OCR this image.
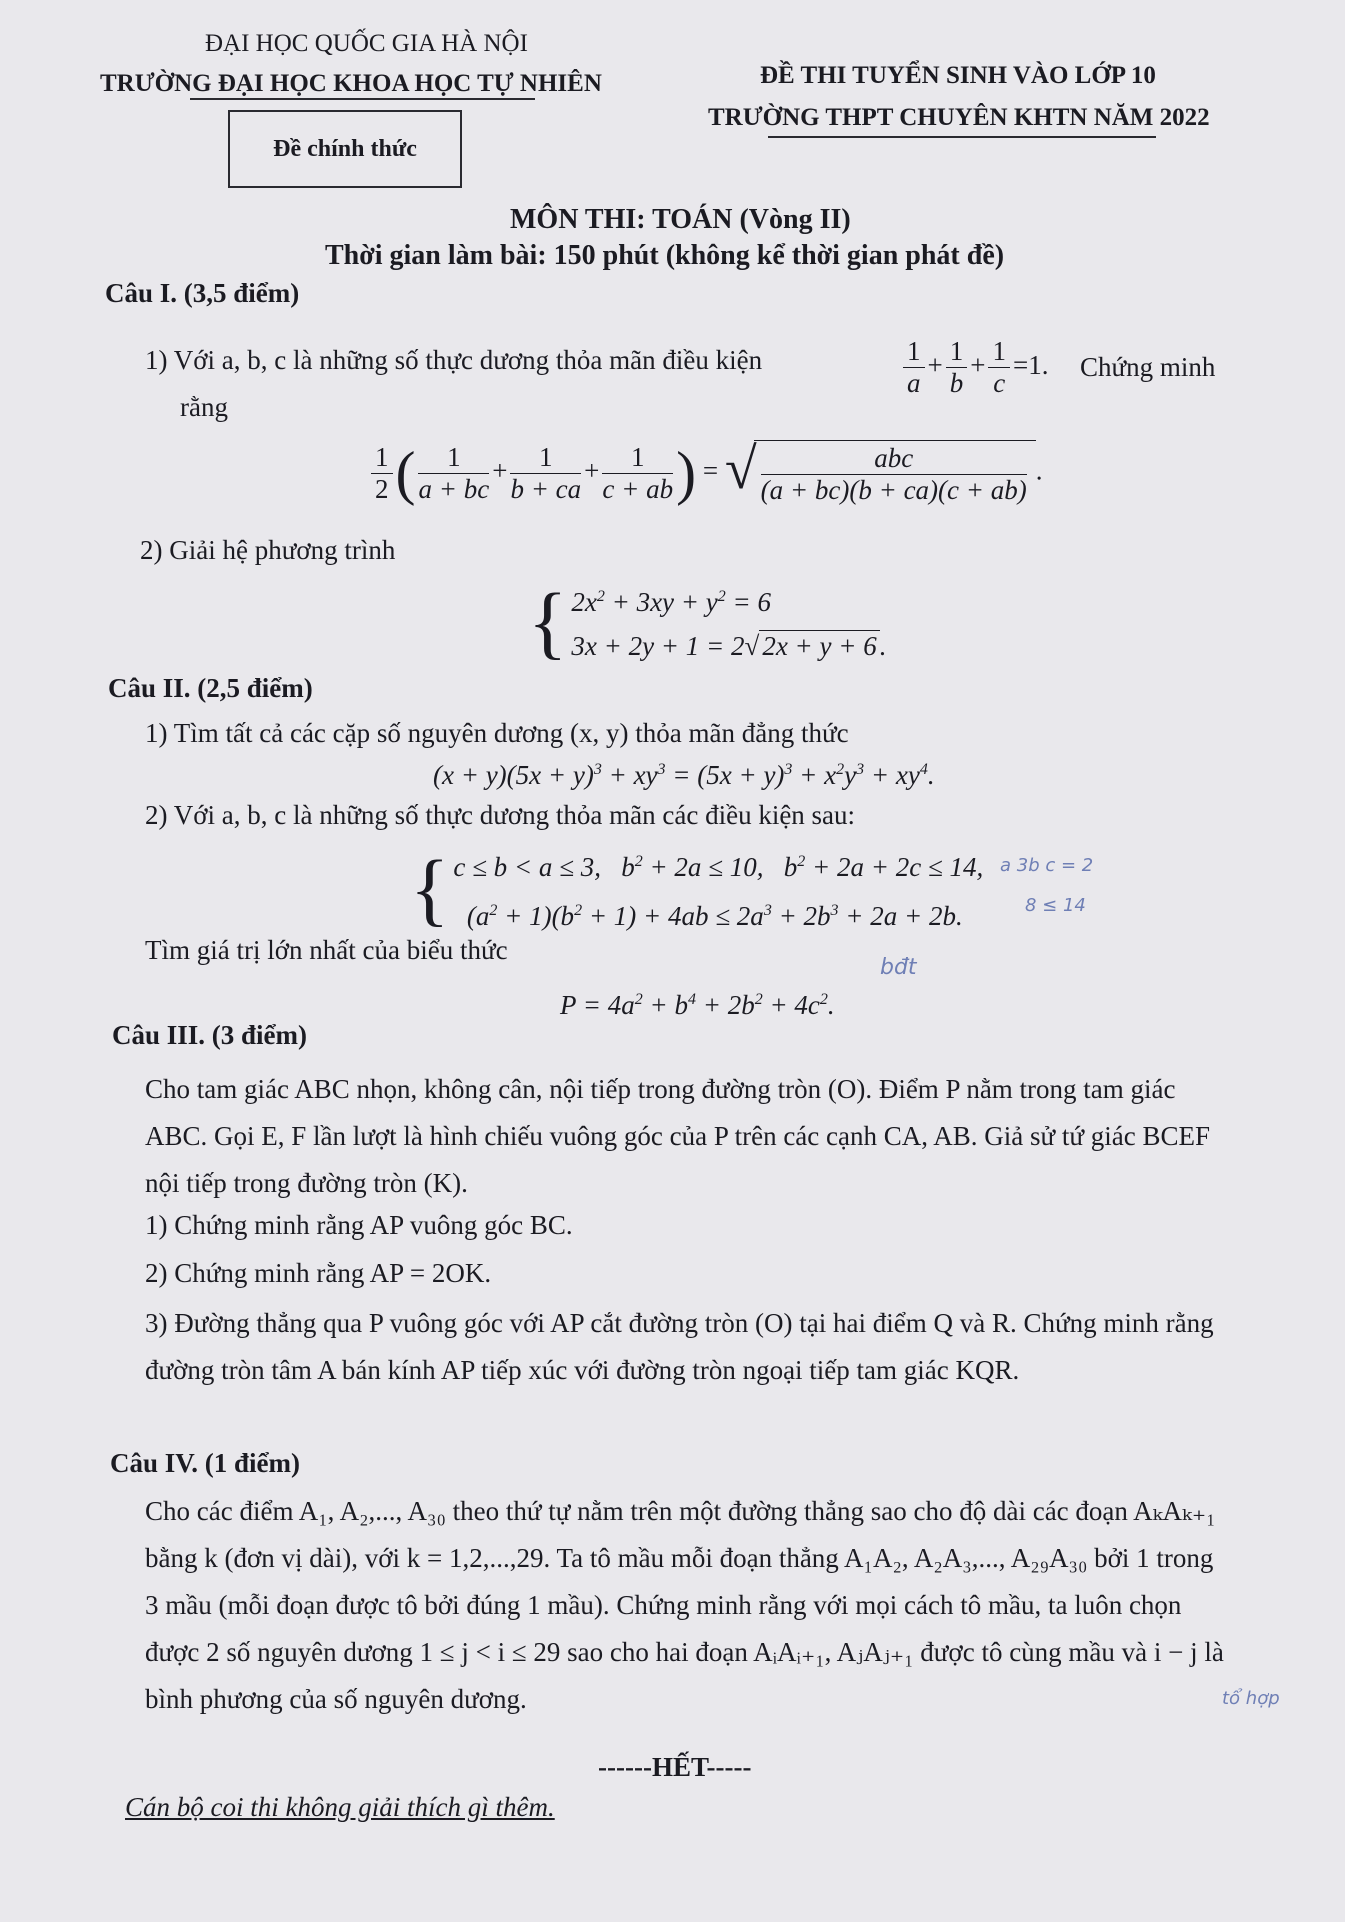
ĐẠI HỌC QUỐC GIA HÀ NỘI
TRƯỜNG ĐẠI HỌC KHOA HỌC TỰ NHIÊN
Đề chính thức
ĐỀ THI TUYỂN SINH VÀO LỚP 10
TRƯỜNG THPT CHUYÊN KHTN NĂM 2022
MÔN THI: TOÁN (Vòng II)
Thời gian làm bài: 150 phút (không kể thời gian phát đề)
Câu I. (3,5 điểm)
1) Với a, b, c là những số thực dương thỏa mãn điều kiện	$\frac{1}{a} + \frac{1}{b} + \frac{1}{c} =1$. Chứng minh
rằng
$\frac{1}{2}$ ( $\frac{1}{a + bc} + \frac{1}{b + ca} + \frac{1}{c + ab}$ ) = √ $\frac{\text{abc}}{(a + bc)(b + ca)(c + ab)}$ .
2) Giải hệ phương trình
{ $2x^2 + 3xy + y^2 = 6$
3x + 2y + 1 = 2√ 2x + y + 6 .
Câu II. (2,5 điểm)
1) Tìm tất cả các cặp số nguyên dương (x, y) thỏa mãn đẳng thức
$(x + y)(5x + y)^3 + xy^3 = (5x + y)^3 + x^2y^3 + xy^4$.
2) Với a, b, c là những số thực dương thỏa mãn các điều kiện sau:
{ c ≤ b < a ≤ 3,   $b^2 + 2a \le 10$,   $b^2 + 2a + 2c \le 14$,
$(a^2 + 1)(b^2 + 1) + 4ab \le 2a^3 + 2b^3 + 2a + 2b$.
Tìm giá trị lớn nhất của biểu thức
$P = 4a^2 + b^4 + 2b^2 + 4c^2$.
Câu III. (3 điểm)
Cho tam giác ABC nhọn, không cân, nội tiếp trong đường tròn (O). Điểm P nằm trong tam giác ABC. Gọi E, F lần lượt là hình chiếu vuông góc của P trên các cạnh CA, AB. Giả sử tứ giác BCEF nội tiếp trong đường tròn (K).
1) Chứng minh rằng AP vuông góc BC.
2) Chứng minh rằng AP = 2OK.
3) Đường thẳng qua P vuông góc với AP cắt đường tròn (O) tại hai điểm Q và R. Chứng minh rằng đường tròn tâm A bán kính AP tiếp xúc với đường tròn ngoại tiếp tam giác KQR.
Câu IV. (1 điểm)
Cho các điểm A₁, A₂,..., A₃₀ theo thứ tự nằm trên một đường thẳng sao cho độ dài các đoạn AₖAₖ₊₁ bằng k (đơn vị dài), với k = 1,2,...,29. Ta tô mầu mỗi đoạn thẳng A₁A₂, A₂A₃,..., A₂₉A₃₀ bởi 1 trong 3 mầu (mỗi đoạn được tô bởi đúng 1 mầu). Chứng minh rằng với mọi cách tô mầu, ta luôn chọn được 2 số nguyên dương 1 ≤ j < i ≤ 29 sao cho hai đoạn AᵢAᵢ₊₁, AⱼAⱼ₊₁ được tô cùng mầu và i − j là bình phương của số nguyên dương.
------HẾT-----
Cán bộ coi thi không giải thích gì thêm.
a 3b c = 2
8 ≤ 14
bđt
tổ hợp
